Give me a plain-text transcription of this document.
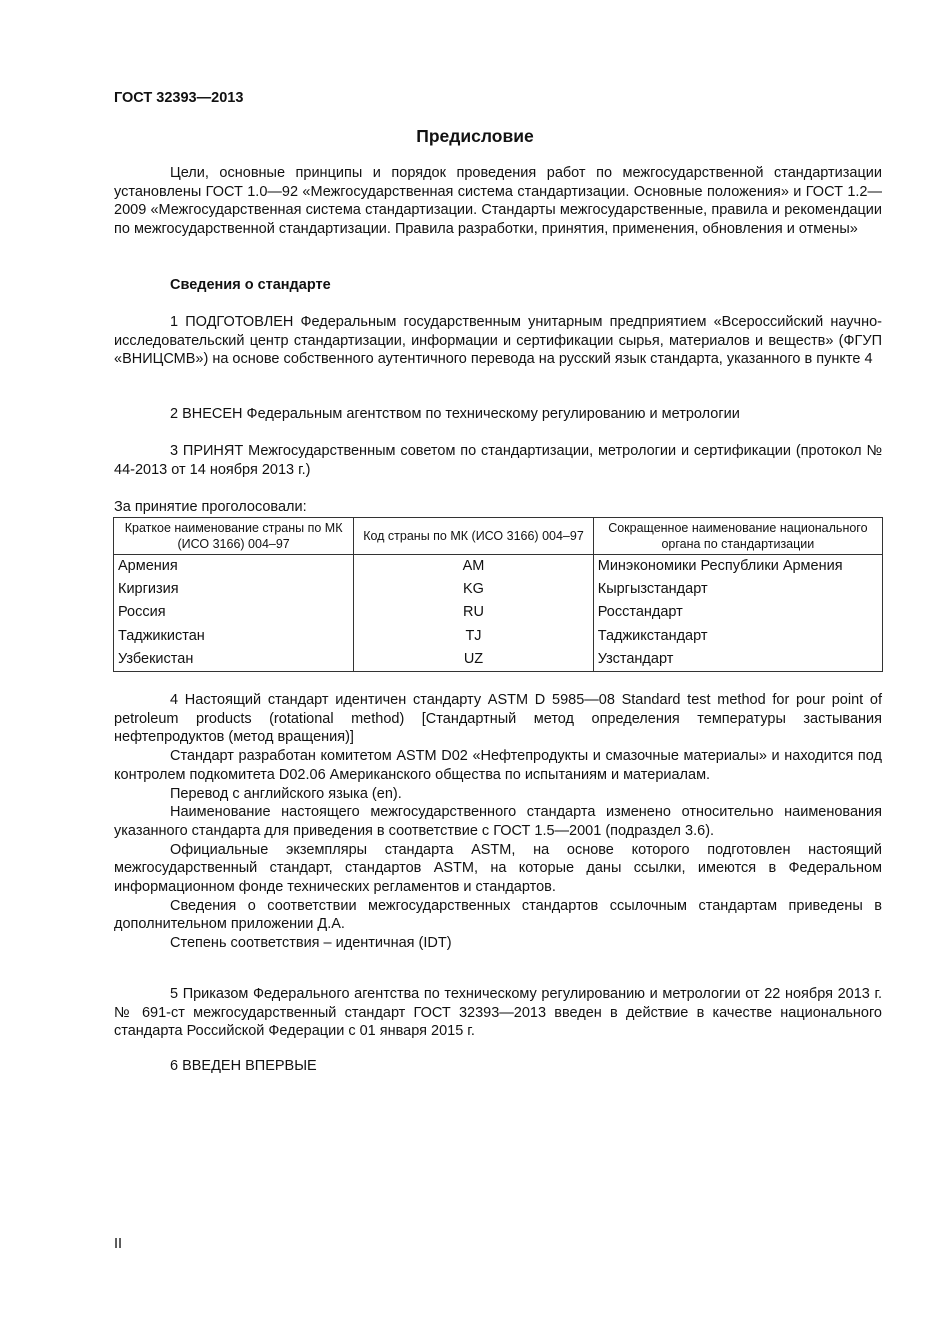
ГОСТ 32393—2013
Предисловие

Цели, основные принципы и порядок проведения работ по межгосударственной стандартизации установлены ГОСТ 1.0—92 «Межгосударственная система стандартизации. Основные положения» и ГОСТ 1.2—2009 «Межгосударственная система стандартизации. Стандарты межгосударственные, правила и рекомендации по межгосударственной стандартизации. Правила разработки, принятия, применения, обновления и отмены»

Сведения о стандарте

1 ПОДГОТОВЛЕН Федеральным государственным унитарным предприятием «Всероссийский научно-исследовательский центр стандартизации, информации и сертификации сырья, материалов и веществ» (ФГУП «ВНИЦСМВ») на основе собственного аутентичного перевода на русский язык стандарта, указанного в пункте 4

2 ВНЕСЕН Федеральным агентством по техническому регулированию и метрологии

3 ПРИНЯТ Межгосударственным советом по стандартизации, метрологии и сертификации (протокол № 44-2013 от 14 ноября 2013 г.)

За принятие проголосовали:
Краткое наименование страны по МК (ИСО 3166) 004–97	Код страны по МК (ИСО 3166) 004–97	Сокращенное наименование национального органа по стандартизации
Армения	AM	Минэкономики Республики Армения
Киргизия	KG	Кыргызстандарт
Россия	RU	Росстандарт
Таджикистан	TJ	Таджикстандарт
Узбекистан	UZ	Узстандарт

4 Настоящий стандарт идентичен стандарту ASTM D 5985—08 Standard test method for pour point of petroleum products (rotational method) [Стандартный метод определения температуры застывания нефтепродуктов (метод вращения)]

Стандарт разработан комитетом ASTM D02 «Нефтепродукты и смазочные материалы» и находится под контролем подкомитета D02.06 Американского общества по испытаниям и материалам.

Перевод с английского языка (en).

Наименование настоящего межгосударственного стандарта изменено относительно наименования указанного стандарта для приведения в соответствие с ГОСТ 1.5—2001 (подраздел 3.6).

Официальные экземпляры стандарта ASTM, на основе которого подготовлен настоящий межгосударственный стандарт, стандартов ASTM, на которые даны ссылки, имеются в Федеральном информационном фонде технических регламентов и стандартов.

Сведения о соответствии межгосударственных стандартов ссылочным стандартам приведены в дополнительном приложении Д.А.

Степень соответствия – идентичная (IDT)

5 Приказом Федерального агентства по техническому регулированию и метрологии от 22 ноября 2013 г. № 691-ст межгосударственный стандарт ГОСТ 32393—2013 введен в действие в качестве национального стандарта Российской Федерации с 01 января 2015 г.

6 ВВЕДЕН ВПЕРВЫЕ

II
